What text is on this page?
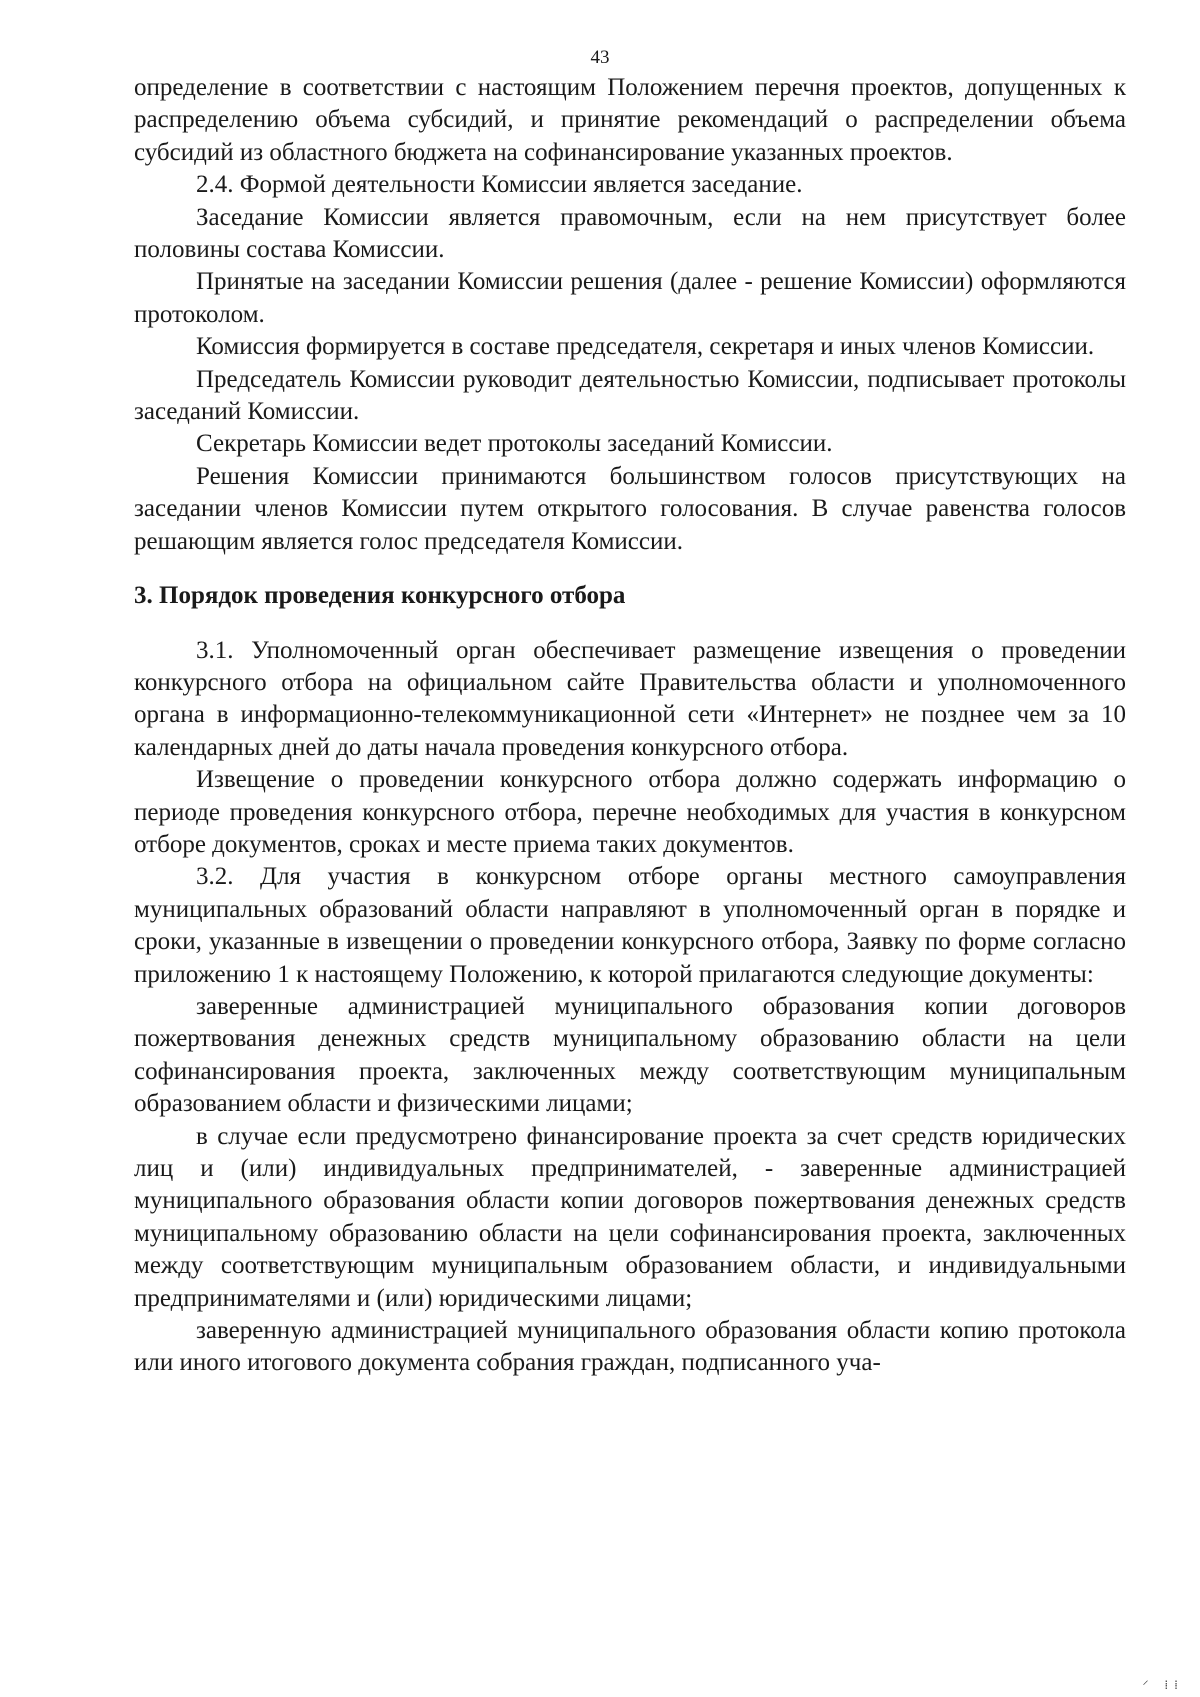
43

определение в соответствии с настоящим Положением перечня проектов, допущенных к распределению объема субсидий, и принятие рекомендаций о распределении объема субсидий из областного бюджета на софинансирование указанных проектов.

2.4. Формой деятельности Комиссии является заседание.

Заседание Комиссии является правомочным, если на нем присутствует более половины состава Комиссии.

Принятые на заседании Комиссии решения (далее - решение Комиссии) оформляются протоколом.

Комиссия формируется в составе председателя, секретаря и иных членов Комиссии.

Председатель Комиссии руководит деятельностью Комиссии, подписывает протоколы заседаний Комиссии.

Секретарь Комиссии ведет протоколы заседаний Комиссии.

Решения Комиссии принимаются большинством голосов присутствующих на заседании членов Комиссии путем открытого голосования. В случае равенства голосов решающим является голос председателя Комиссии.

3. Порядок проведения конкурсного отбора

3.1. Уполномоченный орган обеспечивает размещение извещения о проведении конкурсного отбора на официальном сайте Правительства области и уполномоченного органа в информационно-телекоммуникационной сети «Интернет» не позднее чем за 10 календарных дней до даты начала проведения конкурсного отбора.

Извещение о проведении конкурсного отбора должно содержать информацию о периоде проведения конкурсного отбора, перечне необходимых для участия в конкурсном отборе документов, сроках и месте приема таких документов.

3.2. Для участия в конкурсном отборе органы местного самоуправления муниципальных образований области направляют в уполномоченный орган в порядке и сроки, указанные в извещении о проведении конкурсного отбора, Заявку по форме согласно приложению 1 к настоящему Положению, к которой прилагаются следующие документы:

заверенные администрацией муниципального образования копии договоров пожертвования денежных средств муниципальному образованию области на цели софинансирования проекта, заключенных между соответствующим муниципальным образованием области и физическими лицами;

в случае если предусмотрено финансирование проекта за счет средств юридических лиц и (или) индивидуальных предпринимателей, - заверенные администрацией муниципального образования области копии договоров пожертвования денежных средств муниципальному образованию области на цели софинансирования проекта, заключенных между соответствующим муниципальным образованием области, и индивидуальными предпринимателями и (или) юридическими лицами;

заверенную администрацией муниципального образования области копию протокола или иного итогового документа собрания граждан, подписанного уча-

⸍ ⁞⁞
